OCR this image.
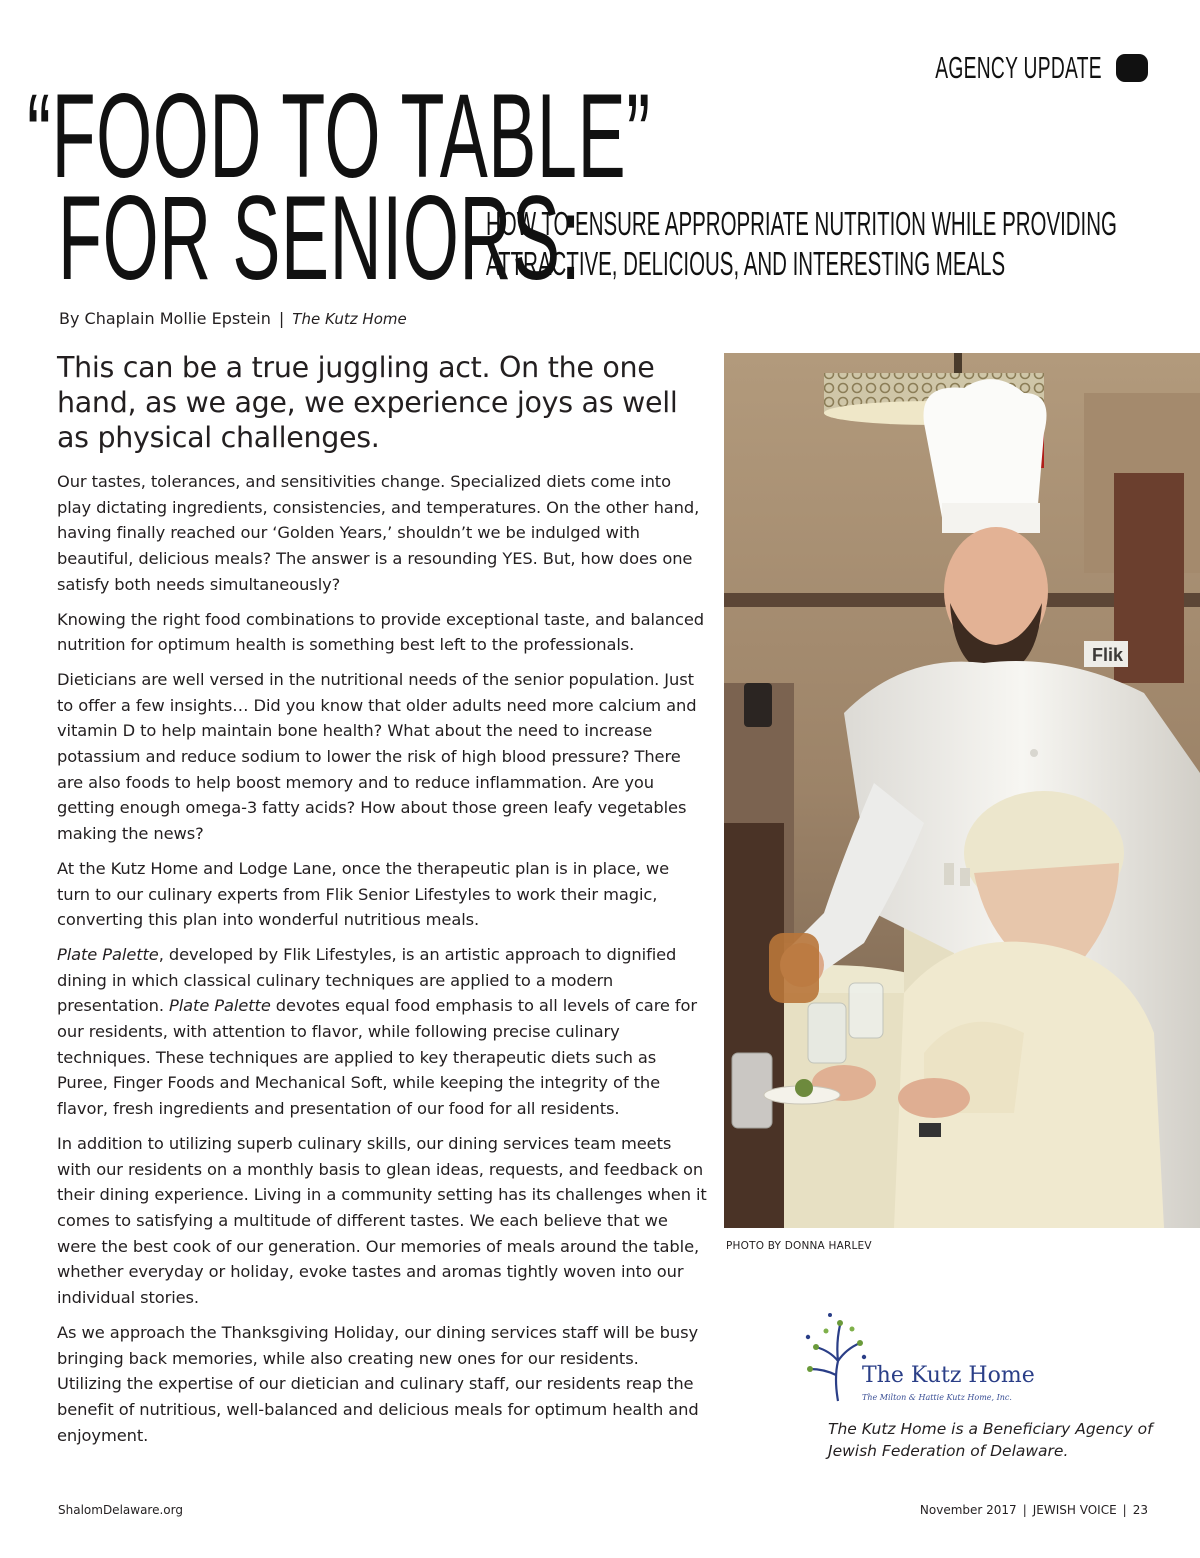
AGENCY UPDATE
“FOOD TO TABLE”
FOR SENIORS:
HOW TO ENSURE APPROPRIATE NUTRITION WHILE PROVIDING
ATTRACTIVE, DELICIOUS, AND INTERESTING MEALS
By Chaplain Mollie Epstein | The Kutz Home

This can be a true juggling act. On the one hand, as we age, we experience joys as well as physical challenges.

Our tastes, tolerances, and sensitivities change. Specialized diets come into play dictating ingredients, consistencies, and temperatures. On the other hand, having finally reached our ‘Golden Years,’ shouldn’t we be indulged with beautiful, delicious meals? The answer is a resounding YES. But, how does one satisfy both needs simultaneously?

Knowing the right food combinations to provide exceptional taste, and balanced nutrition for optimum health is something best left to the professionals.

Dieticians are well versed in the nutritional needs of the senior population. Just to offer a few insights… Did you know that older adults need more calcium and vitamin D to help maintain bone health? What about the need to increase potassium and reduce sodium to lower the risk of high blood pressure? There are also foods to help boost memory and to reduce inflammation. Are you getting enough omega-3 fatty acids? How about those green leafy vegetables making the news?

At the Kutz Home and Lodge Lane, once the therapeutic plan is in place, we turn to our culinary experts from Flik Senior Lifestyles to work their magic, converting this plan into wonderful nutritious meals.

Plate Palette, developed by Flik Lifestyles, is an artistic approach to dignified dining in which classical culinary techniques are applied to a modern presentation. Plate Palette devotes equal food emphasis to all levels of care for our residents, with attention to flavor, while following precise culinary techniques. These techniques are applied to key therapeutic diets such as Puree, Finger Foods and Mechanical Soft, while keeping the integrity of the flavor, fresh ingredients and presentation of our food for all residents.

In addition to utilizing superb culinary skills, our dining services team meets with our residents on a monthly basis to glean ideas, requests, and feedback on their dining experience. Living in a community setting has its challenges when it comes to satisfying a multitude of different tastes. We each believe that we were the best cook of our generation. Our memories of meals around the table, whether everyday or holiday, evoke tastes and aromas tightly woven into our individual stories.

As we approach the Thanksgiving Holiday, our dining services staff will be busy bringing back memories, while also creating new ones for our residents. Utilizing the expertise of our dietician and culinary staff, our residents reap the benefit of nutritious, well-balanced and delicious meals for optimum health and enjoyment.

Flik
PHOTO BY DONNA HARLEV
The Kutz Home
The Milton & Hattie Kutz Home, Inc.
The Kutz Home is a Beneficiary Agency of Jewish Federation of Delaware.
ShalomDelaware.org	November 2017 | JEWISH VOICE | 23
